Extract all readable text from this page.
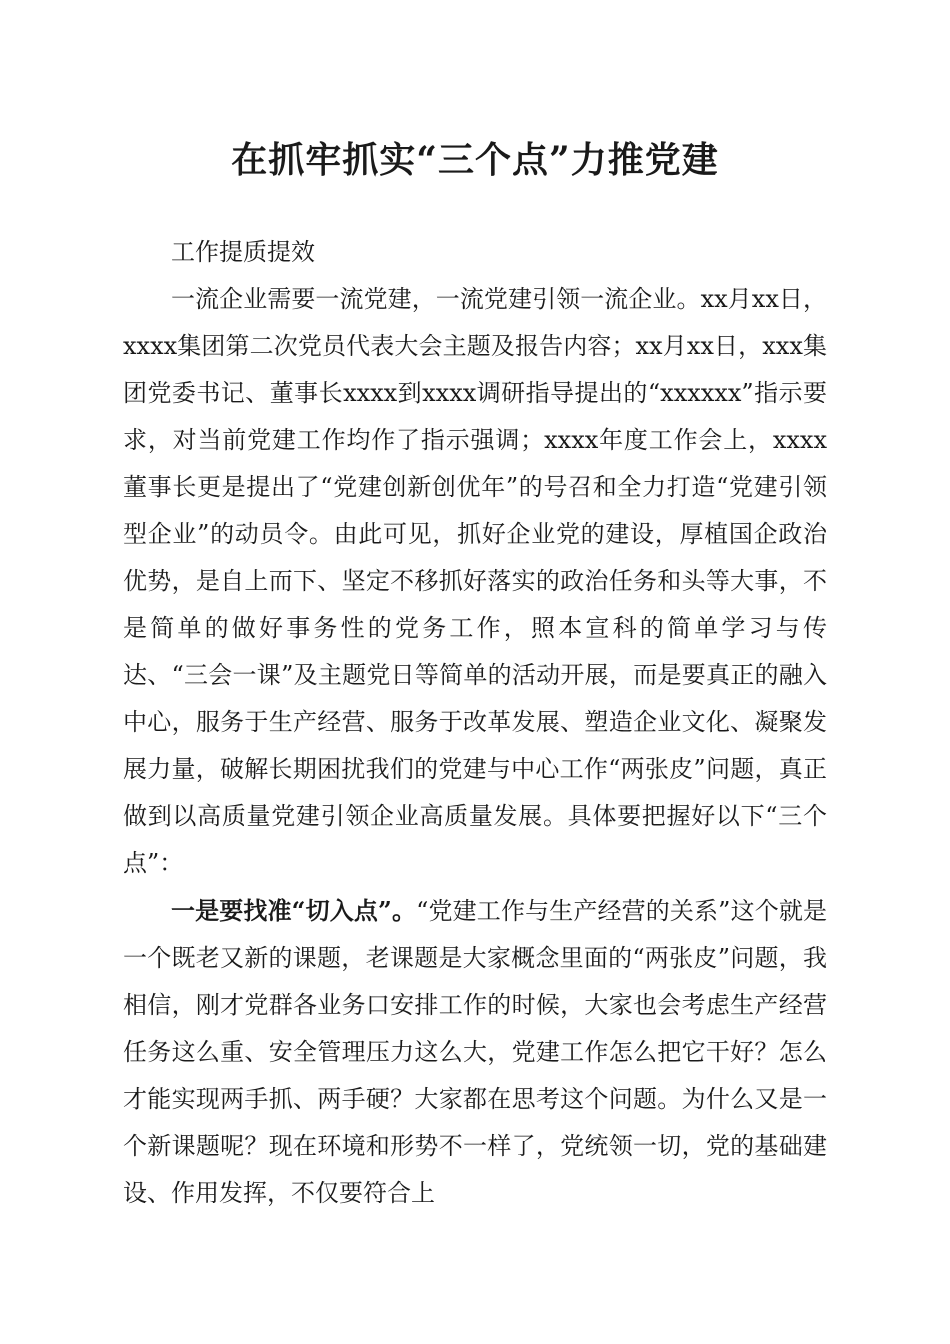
在抓牢抓实“三个点”力推党建

工作提质提效

一流企业需要一流党建，一流党建引领一流企业。xx月xx日，xxxx集团第二次党员代表大会主题及报告内容；xx月xx日，xxx集团党委书记、董事长xxxx到xxxx调研指导提出的“xxxxxx”指示要求，对当前党建工作均作了指示强调；xxxx年度工作会上，xxxx董事长更是提出了“党建创新创优年”的号召和全力打造“党建引领型企业”的动员令。由此可见，抓好企业党的建设，厚植国企政治优势，是自上而下、坚定不移抓好落实的政治任务和头等大事，不是简单的做好事务性的党务工作，照本宣科的简单学习与传达、“三会一课”及主题党日等简单的活动开展，而是要真正的融入中心，服务于生产经营、服务于改革发展、塑造企业文化、凝聚发展力量，破解长期困扰我们的党建与中心工作“两张皮”问题，真正做到以高质量党建引领企业高质量发展。具体要把握好以下“三个点”：

一是要找准“切入点”。“党建工作与生产经营的关系”这个就是一个既老又新的课题，老课题是大家概念里面的“两张皮”问题，我相信，刚才党群各业务口安排工作的时候，大家也会考虑生产经营任务这么重、安全管理压力这么大，党建工作怎么把它干好？怎么才能实现两手抓、两手硬？大家都在思考这个问题。为什么又是一个新课题呢？现在环境和形势不一样了，党统领一切，党的基础建设、作用发挥，不仅要符合上
